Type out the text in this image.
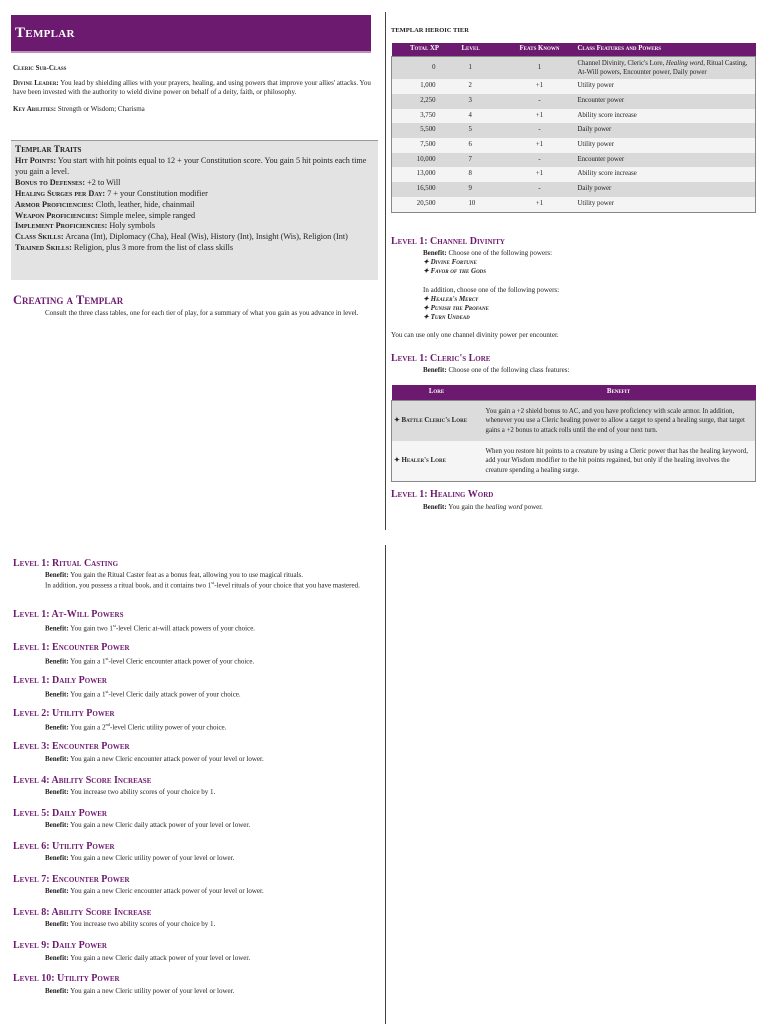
Templar

Cleric Sub-Class

Divine Leader: You lead by shielding allies with your prayers, healing, and using powers that improve your allies' attacks. You have been invested with the authority to wield divine power on behalf of a deity, faith, or philosophy.

Key Abilities: Strength or Wisdom; Charisma

Templar Traits
Hit Points: You start with hit points equal to 12 + your Constitution score. You gain 5 hit points each time you gain a level.
Bonus to Defenses: +2 to Will
Healing Surges per Day: 7 + your Constitution modifier
Armor Proficiencies: Cloth, leather, hide, chainmail
Weapon Proficiencies: Simple melee, simple ranged
Implement Proficiencies: Holy symbols
Class Skills: Arcana (Int), Diplomacy (Cha), Heal (Wis), History (Int), Insight (Wis), Religion (Int)
Trained Skills: Religion, plus 3 more from the list of class skills
Creating a Templar
Consult the three class tables, one for each tier of play, for a summary of what you gain as you advance in level.
TEMPLAR HEROIC TIER
Total XP	Level	Feats Known	Class Features and Powers
0	1	1	Channel Divinity, Cleric's Lore, Healing word, Ritual Casting, At-Will powers, Encounter power, Daily power
1,000	2	+1	Utility power
2,250	3	-	Encounter power
3,750	4	+1	Ability score increase
5,500	5	-	Daily power
7,500	6	+1	Utility power
10,000	7	-	Encounter power
13,000	8	+1	Ability score increase
16,500	9	-	Daily power
20,500	10	+1	Utility power
Level 1: Channel Divinity
Benefit: Choose one of the following powers:
✦ Divine Fortune
✦ Favor of the Gods
In addition, choose one of the following powers:
✦ Healer's Mercy
✦ Punish the Profane
✦ Turn Undead
You can use only one channel divinity power per encounter.
Level 1: Cleric's Lore
Benefit: Choose one of the following class features:
Lore	Benefit
✦ Battle Cleric's Lore	You gain a +2 shield bonus to AC, and you have proficiency with scale armor. In addition, whenever you use a Cleric healing power to allow a target to spend a healing surge, that target gains a +2 bonus to attack rolls until the end of your next turn.
✦ Healer's Lore	When you restore hit points to a creature by using a Cleric power that has the healing keyword, add your Wisdom modifier to the hit points regained, but only if the healing involves the creature spending a healing surge.
Level 1: Healing Word
Benefit: You gain the healing word power.
Level 1: Ritual Casting
Benefit: You gain the Ritual Caster feat as a bonus feat, allowing you to use magical rituals.
In addition, you possess a ritual book, and it contains two 1st-level rituals of your choice that you have mastered.
Level 1: At-Will Powers
Benefit: You gain two 1st-level Cleric at-will attack powers of your choice.
Level 1: Encounter Power
Benefit: You gain a 1st-level Cleric encounter attack power of your choice.
Level 1: Daily Power
Benefit: You gain a 1st-level Cleric daily attack power of your choice.
Level 2: Utility Power
Benefit: You gain a 2nd-level Cleric utility power of your choice.
Level 3: Encounter Power
Benefit: You gain a new Cleric encounter attack power of your level or lower.
Level 4: Ability Score Increase
Benefit: You increase two ability scores of your choice by 1.
Level 5: Daily Power
Benefit: You gain a new Cleric daily attack power of your level or lower.
Level 6: Utility Power
Benefit: You gain a new Cleric utility power of your level or lower.
Level 7: Encounter Power
Benefit: You gain a new Cleric encounter attack power of your level or lower.
Level 8: Ability Score Increase
Benefit: You increase two ability scores of your choice by 1.
Level 9: Daily Power
Benefit: You gain a new Cleric daily attack power of your level or lower.
Level 10: Utility Power
Benefit: You gain a new Cleric utility power of your level or lower.
